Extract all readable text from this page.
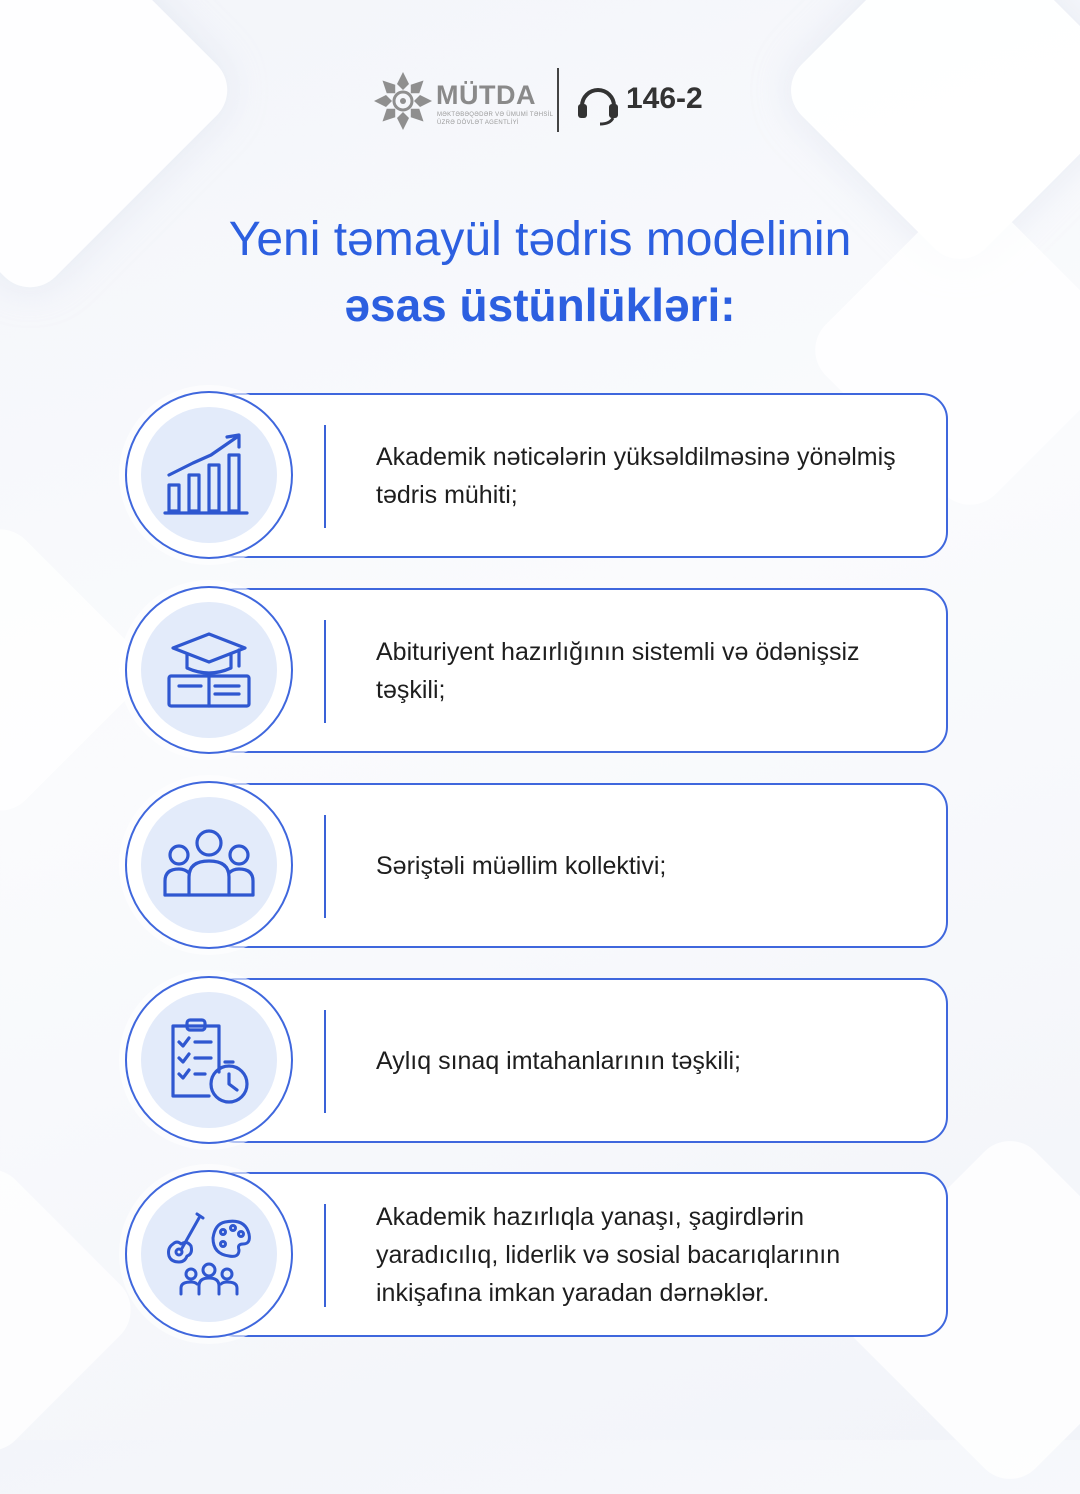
MÜTDA
MƏKTƏBƏQƏDƏR VƏ ÜMUMİ TƏHSİL
ÜZRƏ DÖVLƏT AGENTLİYİ
146-2
Yeni təmayül tədris modelinin
əsas üstünlükləri:
Akademik nəticələrin yüksəldilməsinə yönəlmiş tədris mühiti;
Abituriyent hazırlığının sistemli və ödənişsiz təşkili;
Səriştəli müəllim kollektivi;
Aylıq sınaq imtahanlarının təşkili;
Akademik hazırlıqla yanaşı, şagirdlərin yaradıcılıq, liderlik və sosial bacarıqlarının inkişafına imkan yaradan dərnəklər.
